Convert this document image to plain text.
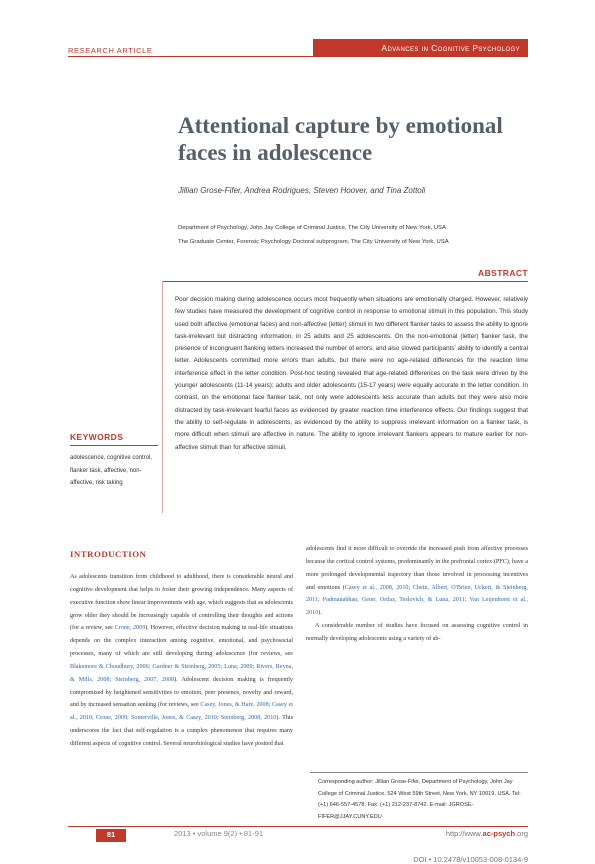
RESEARCH ARTICLE	Advances in Cognitive Psychology
Attentional capture by emotional faces in adolescence
Jillian Grose-Fifer, Andrea Rodrigues, Steven Hoover, and Tina Zottoli
Department of Psychology, John Jay College of Criminal Justice, The City University of New York, USA
The Graduate Center, Forensic Psychology Doctoral subprogram, The City University of New York, USA
ABSTRACT

Poor decision making during adolescence occurs most frequently when situations are emotionally charged. However, relatively few studies have measured the development of cognitive control in response to emotional stimuli in this population. This study used both affective (emotional faces) and non-affective (letter) stimuli in two different flanker tasks to assess the ability to ignore task-irrelevant but distracting information, in 25 adults and 25 adolescents. On the non-emotional (letter) flanker task, the presence of incongruent flanking letters increased the number of errors, and also slowed participants' ability to identify a central letter. Adolescents committed more errors than adults, but there were no age-related differences for the reaction time interference effect in the letter condition. Post-hoc testing revealed that age-related differences on the task were driven by the younger adolescents (11-14 years); adults and older adolescents (15-17 years) were equally accurate in the letter condition. In contrast, on the emotional face flanker task, not only were adolescents less accurate than adults but they were also more distracted by task-irrelevant fearful faces as evidenced by greater reaction time interference effects. Our findings suggest that the ability to self-regulate in adolescents, as evidenced by the ability to suppress irrelevant information on a flanker task, is more difficult when stimuli are affective in nature. The ability to ignore irrelevant flankers appears to mature earlier for non-affective stimuli than for affective stimuli.

KEYWORDS

adolescence, cognitive control, flanker task, affective, non-affective, risk taking

INTRODUCTION

As adolescents transition from childhood to adulthood, there is considerable neural and cognitive development that helps to foster their growing independence. Many aspects of executive function show linear improvements with age, which suggests that as adolescents grow older they should be increasingly capable of controlling their thoughts and actions (for a review, see Crone, 2009). However, effective decision making in real-life situations depends on the complex interaction among cognitive, emotional, and psychosocial processes, many of which are still developing during adolescence (for reviews, see Blakemore & Choudhury, 2006; Gardner & Steinberg, 2005; Luna, 2009; Rivers, Reyna, & Mills, 2008; Steinberg, 2007, 2008). Adolescent decision making is frequently compromised by heightened sensitivities to emotion, peer presence, novelty and reward, and by increased sensation seeking (for reviews, see Casey, Jones, & Hare, 2008; Casey et al., 2010; Crone, 2009; Somerville, Jones, & Casey, 2010; Steinberg, 2008, 2010). This underscores the fact that self-regulation is a complex phenomenon that requires many different aspects of cognitive control. Several neurobiological studies have posited that

adolescents find it more difficult to override the increased push from affective processes because the cortical control systems, predominantly in the prefrontal cortex (PFC), have a more prolonged developmental trajectory than those involved in processing incentives and emotions (Casey et al., 2008, 2010; Chein, Albert, O'Brien, Uckert, & Steinberg, 2011; Padmanabhan, Geier, Ordaz, Teslovich, & Luna, 2011; Van Leijenhorst et al., 2010).

A considerable number of studies have focused on assessing cognitive control in normally developing adolescents using a variety of ab-

Corresponding author: Jillian Grose-Fifer, Department of Psychology, John Jay College of Criminal Justice, 524 West 59th Street, New York, NY 10019, USA. Tel: (+1) 646-557-4578. Fax: (+1) 212-237-8742. E-mail: JGROSE-FIFER@JJAY.CUNY.EDU

81	2013 • volume 9(2) • 81-91	http://www.ac-psych.org
DOI • 10.2478/v10053-008-0134-9
